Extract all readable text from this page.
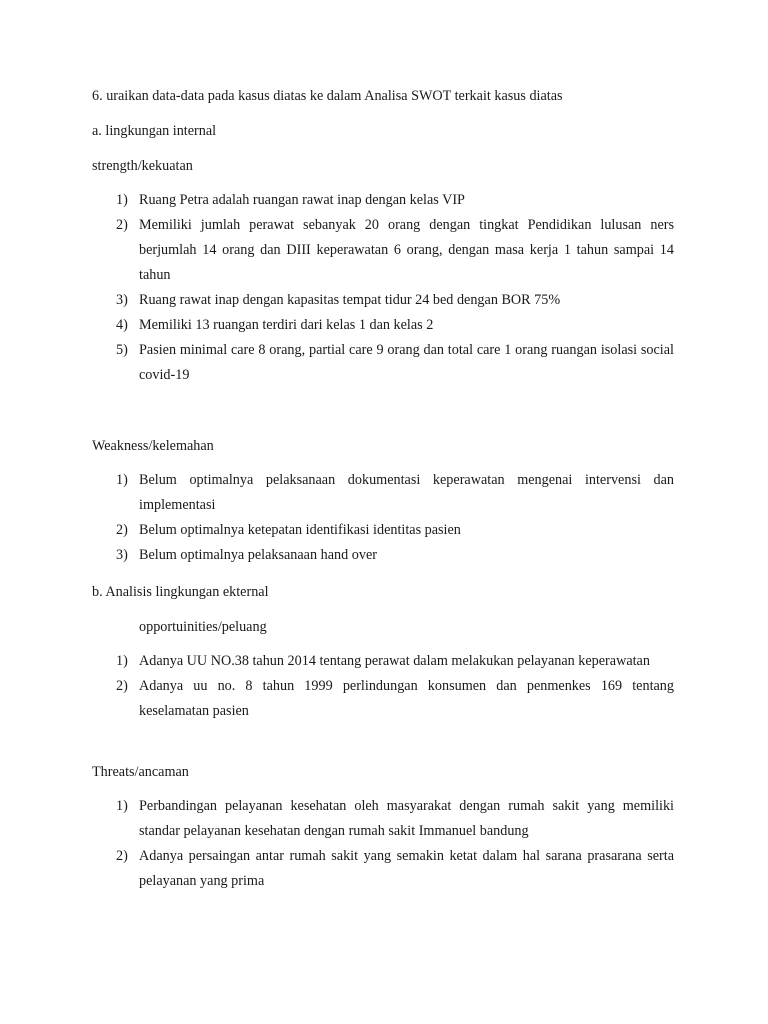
6. uraikan data-data pada kasus diatas ke dalam Analisa SWOT terkait kasus diatas

a. lingkungan internal

strength/kekuatan

1) Ruang Petra adalah ruangan rawat inap dengan kelas VIP
2) Memiliki jumlah perawat sebanyak 20 orang dengan tingkat Pendidikan lulusan ners berjumlah 14 orang dan DIII keperawatan 6 orang, dengan masa kerja 1 tahun sampai 14 tahun
3) Ruang rawat inap dengan kapasitas tempat tidur 24 bed dengan BOR 75%
4) Memiliki 13 ruangan terdiri dari kelas 1 dan kelas 2
5) Pasien minimal care 8 orang, partial care 9 orang dan total care 1 orang ruangan isolasi social covid-19

Weakness/kelemahan

1) Belum optimalnya pelaksanaan dokumentasi keperawatan mengenai intervensi dan implementasi
2) Belum optimalnya ketepatan identifikasi identitas pasien
3) Belum optimalnya pelaksanaan hand over

b. Analisis lingkungan ekternal

opportuinities/peluang

1) Adanya UU NO.38 tahun 2014 tentang perawat dalam melakukan pelayanan keperawatan
2) Adanya uu no. 8 tahun 1999 perlindungan konsumen dan penmenkes 169 tentang keselamatan pasien

Threats/ancaman

1) Perbandingan pelayanan kesehatan oleh masyarakat dengan rumah sakit yang memiliki standar pelayanan kesehatan dengan rumah sakit Immanuel bandung
2) Adanya persaingan antar rumah sakit yang semakin ketat dalam hal sarana prasarana serta pelayanan yang prima
